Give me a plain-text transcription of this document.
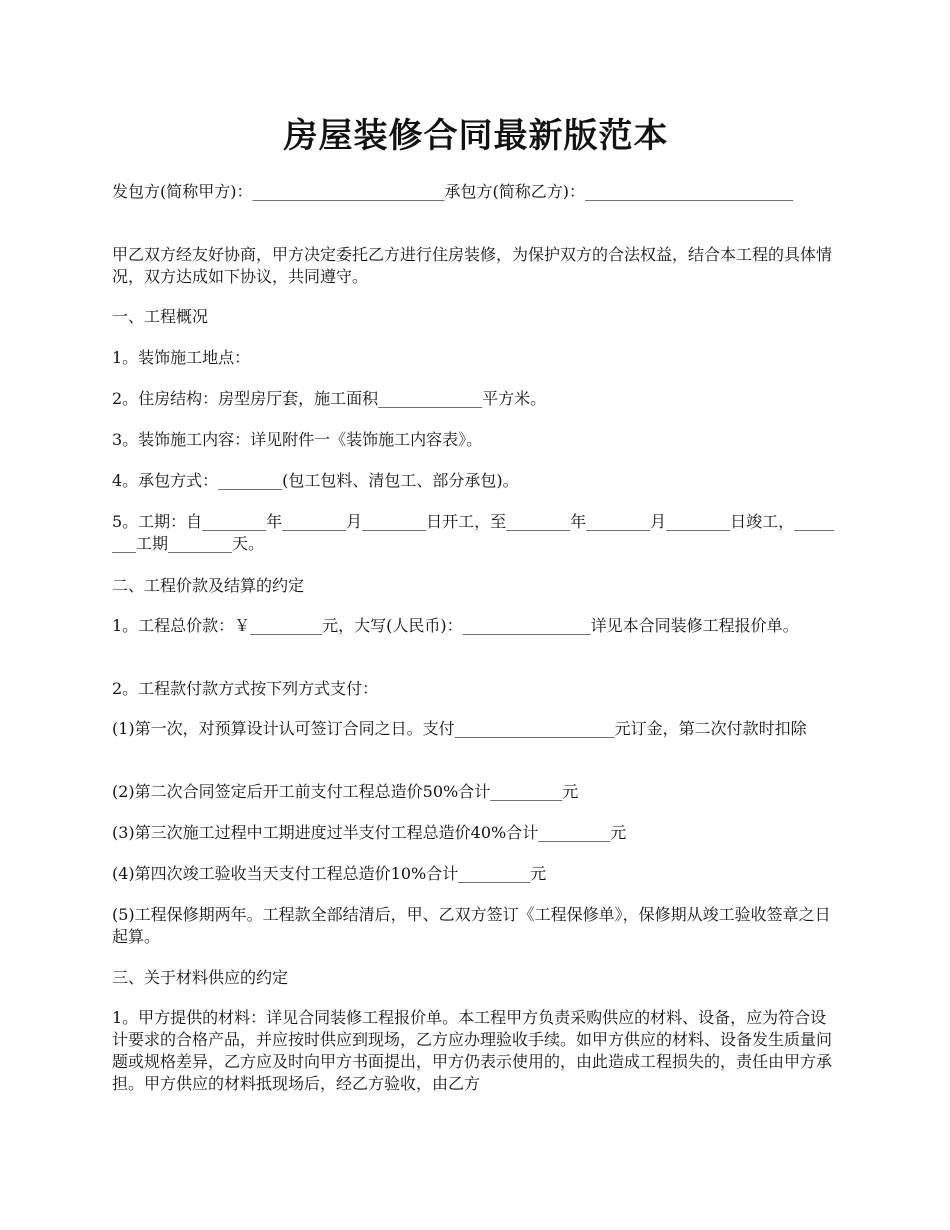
房屋装修合同最新版范本

发包方(简称甲方)：________________________承包方(简称乙方)：__________________________

甲乙双方经友好协商，甲方决定委托乙方进行住房装修，为保护双方的合法权益，结合本工程的具体情况，双方达成如下协议，共同遵守。

一、工程概况

1。装饰施工地点：

2。住房结构：房型房厅套，施工面积_____________平方米。

3。装饰施工内容：详见附件一《装饰施工内容表》。

4。承包方式：________(包工包料、清包工、部分承包)。

5。工期：自________年________月________日开工，至________年________月________日竣工，________工期________天。

二、工程价款及结算的约定

1。工程总价款：￥_________元，大写(人民币)：________________详见本合同装修工程报价单。

2。工程款付款方式按下列方式支付：

(1)第一次，对预算设计认可签订合同之日。支付____________________元订金，第二次付款时扣除

(2)第二次合同签定后开工前支付工程总造价50%合计_________元

(3)第三次施工过程中工期进度过半支付工程总造价40%合计_________元

(4)第四次竣工验收当天支付工程总造价10%合计_________元

(5)工程保修期两年。工程款全部结清后，甲、乙双方签订《工程保修单》，保修期从竣工验收签章之日起算。

三、关于材料供应的约定

1。甲方提供的材料：详见合同装修工程报价单。本工程甲方负责采购供应的材料、设备，应为符合设计要求的合格产品，并应按时供应到现场，乙方应办理验收手续。如甲方供应的材料、设备发生质量问题或规格差异，乙方应及时向甲方书面提出，甲方仍表示使用的，由此造成工程损失的，责任由甲方承担。甲方供应的材料抵现场后，经乙方验收，由乙方
